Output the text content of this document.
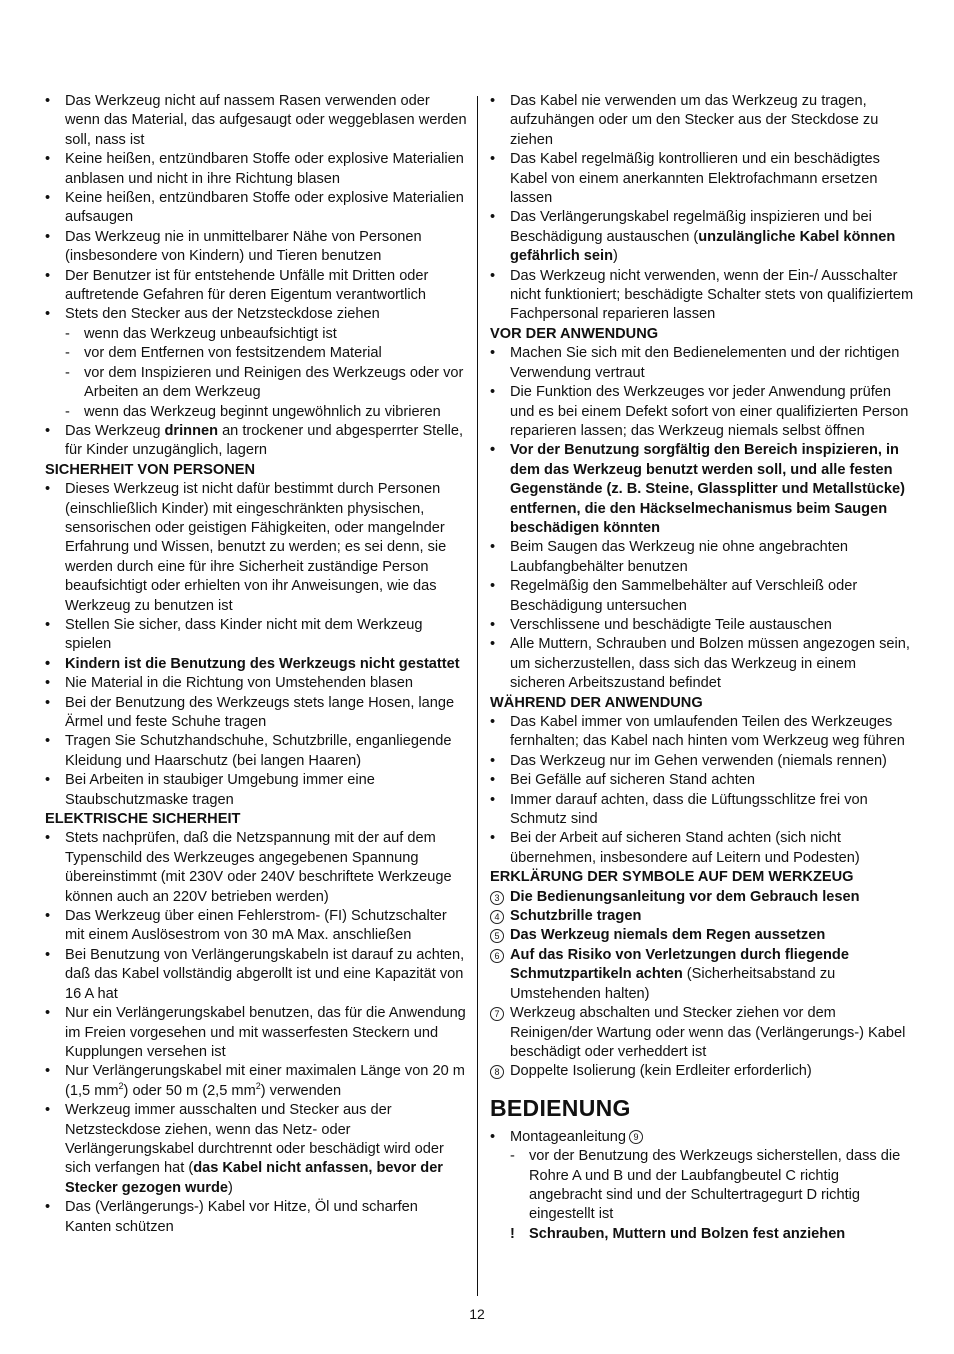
• Das Werkzeug nicht auf nassem Rasen verwenden oder wenn das Material, das aufgesaugt oder weggeblasen werden soll, nass ist
• Keine heißen, entzündbaren Stoffe oder explosive Materialien anblasen und nicht in ihre Richtung blasen
• Keine heißen, entzündbaren Stoffe oder explosive Materialien aufsaugen
• Das Werkzeug nie in unmittelbarer Nähe von Personen (insbesondere von Kindern) und Tieren benutzen
• Der Benutzer ist für entstehende Unfälle mit Dritten oder auftretende Gefahren für deren Eigentum verantwortlich
• Stets den Stecker aus der Netzsteckdose ziehen
- wenn das Werkzeug unbeaufsichtigt ist
- vor dem Entfernen von festsitzendem Material
- vor dem Inspizieren und Reinigen des Werkzeugs oder vor Arbeiten an dem Werkzeug
- wenn das Werkzeug beginnt ungewöhnlich zu vibrieren
• Das Werkzeug drinnen an trockener und abgesperrter Stelle, für Kinder unzugänglich, lagern
SICHERHEIT VON PERSONEN
• Dieses Werkzeug ist nicht dafür bestimmt durch Personen (einschließlich Kinder) mit eingeschränkten physischen, sensorischen oder geistigen Fähigkeiten, oder mangelnder Erfahrung und Wissen, benutzt zu werden; es sei denn, sie werden durch eine für ihre Sicherheit zuständige Person beaufsichtigt oder erhielten von ihr Anweisungen, wie das Werkzeug zu benutzen ist
• Stellen Sie sicher, dass Kinder nicht mit dem Werkzeug spielen
• Kindern ist die Benutzung des Werkzeugs nicht gestattet
• Nie Material in die Richtung von Umstehenden blasen
• Bei der Benutzung des Werkzeugs stets lange Hosen, lange Ärmel und feste Schuhe tragen
• Tragen Sie Schutzhandschuhe, Schutzbrille, enganliegende Kleidung und Haarschutz (bei langen Haaren)
• Bei Arbeiten in staubiger Umgebung immer eine Staubschutzmaske tragen
ELEKTRISCHE SICHERHEIT
• Stets nachprüfen, daß die Netzspannung mit der auf dem Typenschild des Werkzeuges angegebenen Spannung übereinstimmt (mit 230V oder 240V beschriftete Werkzeuge können auch an 220V betrieben werden)
• Das Werkzeug über einen Fehlerstrom- (FI) Schutzschalter mit einem Auslösestrom von 30 mA Max. anschließen
• Bei Benutzung von Verlängerungskabeln ist darauf zu achten, daß das Kabel vollständig abgerollt ist und eine Kapazität von 16 A hat
• Nur ein Verlängerungskabel benutzen, das für die Anwendung im Freien vorgesehen und mit wasserfesten Steckern und Kupplungen versehen ist
• Nur Verlängerungskabel mit einer maximalen Länge von 20 m (1,5 $mm^2$) oder 50 m (2,5 $mm^2$) verwenden
• Werkzeug immer ausschalten und Stecker aus der Netzsteckdose ziehen, wenn das Netz- oder Verlängerungskabel durchtrennt oder beschädigt wird oder sich verfangen hat (das Kabel nicht anfassen, bevor der Stecker gezogen wurde)
• Das (Verlängerungs-) Kabel vor Hitze, Öl und scharfen Kanten schützen
• Das Kabel nie verwenden um das Werkzeug zu tragen, aufzuhängen oder um den Stecker aus der Steckdose zu ziehen
• Das Kabel regelmäßig kontrollieren und ein beschädigtes Kabel von einem anerkannten Elektrofachmann ersetzen lassen
• Das Verlängerungskabel regelmäßig inspizieren und bei Beschädigung austauschen (unzulängliche Kabel können gefährlich sein)
• Das Werkzeug nicht verwenden, wenn der Ein-/ Ausschalter nicht funktioniert; beschädigte Schalter stets von qualifiziertem Fachpersonal reparieren lassen
VOR DER ANWENDUNG
• Machen Sie sich mit den Bedienelementen und der richtigen Verwendung vertraut
• Die Funktion des Werkzeuges vor jeder Anwendung prüfen und es bei einem Defekt sofort von einer qualifizierten Person reparieren lassen; das Werkzeug niemals selbst öffnen
• Vor der Benutzung sorgfältig den Bereich inspizieren, in dem das Werkzeug benutzt werden soll, und alle festen Gegenstände (z. B. Steine, Glassplitter und Metallstücke) entfernen, die den Häckselmechanismus beim Saugen beschädigen könnten
• Beim Saugen das Werkzeug nie ohne angebrachten Laubfangbehälter benutzen
• Regelmäßig den Sammelbehälter auf Verschleiß oder Beschädigung untersuchen
• Verschlissene und beschädigte Teile austauschen
• Alle Muttern, Schrauben und Bolzen müssen angezogen sein, um sicherzustellen, dass sich das Werkzeug in einem sicheren Arbeitszustand befindet
WÄHREND DER ANWENDUNG
• Das Kabel immer von umlaufenden Teilen des Werkzeuges fernhalten; das Kabel nach hinten vom Werkzeug weg führen
• Das Werkzeug nur im Gehen verwenden (niemals rennen)
• Bei Gefälle auf sicheren Stand achten
• Immer darauf achten, dass die Lüftungsschlitze frei von Schmutz sind
• Bei der Arbeit auf sicheren Stand achten (sich nicht übernehmen, insbesondere auf Leitern und Podesten)
ERKLÄRUNG DER SYMBOLE AUF DEM WERKZEUG
3 Die Bedienungsanleitung vor dem Gebrauch lesen
4 Schutzbrille tragen
5 Das Werkzeug niemals dem Regen aussetzen
6 Auf das Risiko von Verletzungen durch fliegende Schmutzpartikeln achten (Sicherheitsabstand zu Umstehenden halten)
7 Werkzeug abschalten und Stecker ziehen vor dem Reinigen/der Wartung oder wenn das (Verlängerungs-) Kabel beschädigt oder verheddert ist
8 Doppelte Isolierung (kein Erdleiter erforderlich)
BEDIENUNG
• Montageanleitung 9
- vor der Benutzung des Werkzeugs sicherstellen, dass die Rohre A und B und der Laubfangbeutel C richtig angebracht sind und der Schultertragegurt D richtig eingestellt ist
! Schrauben, Muttern und Bolzen fest anziehen
12
